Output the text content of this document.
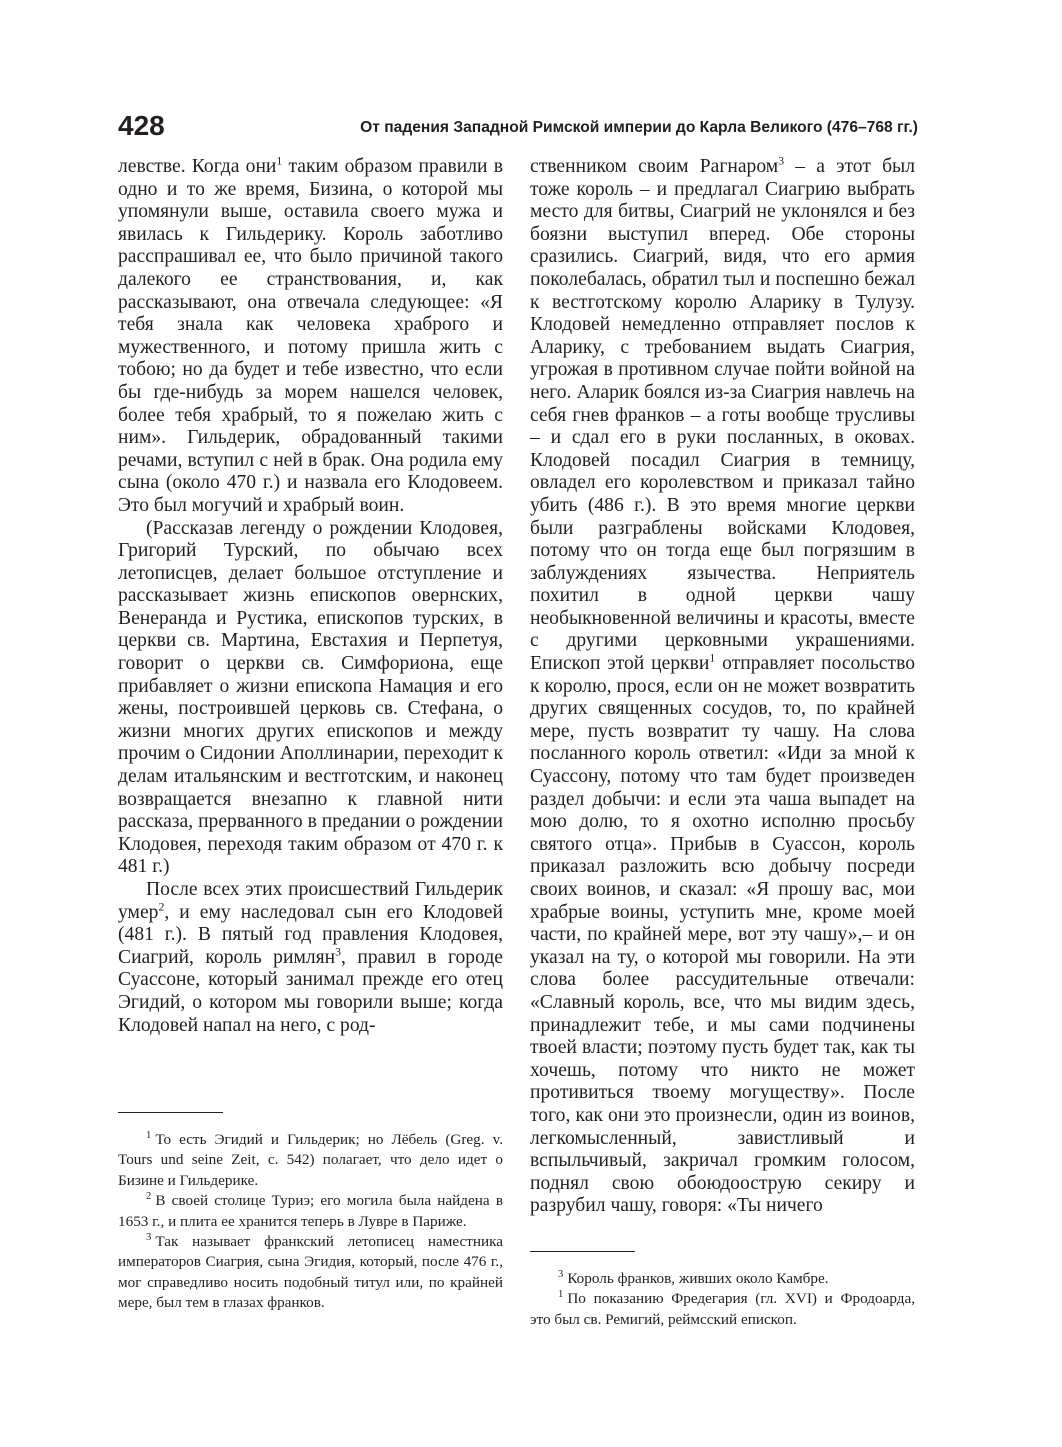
428	От падения Западной Римской империи до Карла Великого (476–768 гг.)

левстве. Когда они$^1$ таким образом правили в одно и то же время, Бизина, о которой мы упомянули выше, оставила своего мужа и явилась к Гильдерику. Король заботливо расспрашивал ее, что было причиной такого далекого ее странствования, и, как рассказывают, она отвечала следующее: «Я тебя знала как человека храброго и мужественного, и потому пришла жить с тобою; но да будет и тебе известно, что если бы где-нибудь за морем нашелся человек, более тебя храбрый, то я пожелаю жить с ним». Гильдерик, обрадованный такими речами, вступил с ней в брак. Она родила ему сына (около 470 г.) и назвала его Клодовеем. Это был могучий и храбрый воин.

(Рассказав легенду о рождении Клодовея, Григорий Турский, по обычаю всех летописцев, делает большое отступление и рассказывает жизнь епископов овернских, Венеранда и Рустика, епископов турских, в церкви св. Мартина, Евстахия и Перпетуя, говорит о церкви св. Симфориона, еще прибавляет о жизни епископа Намация и его жены, построившей церковь св. Стефана, о жизни многих других епископов и между прочим о Сидонии Аполлинарии, переходит к делам итальянским и вестготским, и наконец возвращается внезапно к главной нити рассказа, прерванного в предании о рождении Клодовея, переходя таким образом от 470 г. к 481 г.)

После всех этих происшествий Гильдерик умер$^2$, и ему наследовал сын его Клодовей (481 г.). В пятый год правления Клодовея, Сиагрий, король римлян$^3$, правил в городе Суассоне, который занимал прежде его отец Эгидий, о котором мы говорили выше; когда Клодовей напал на него, с род-

$^1$ То есть Эгидий и Гильдерик; но Лёбель (Greg. v. Tours und seine Zeit, с. 542) полагает, что дело идет о Бизине и Гильдерике.

$^2$ В своей столице Туриэ; его могила была найдена в 1653 г., и плита ее хранится теперь в Лувре в Париже.

$^3$ Так называет франкский летописец наместника императоров Сиагрия, сына Эгидия, который, после 476 г., мог справедливо носить подобный титул или, по крайней мере, был тем в глазах франков.

ственником своим Рагнаром$^3$ – а этот был тоже король – и предлагал Сиагрию выбрать место для битвы, Сиагрий не уклонялся и без боязни выступил вперед. Обе стороны сразились. Сиагрий, видя, что его армия поколебалась, обратил тыл и поспешно бежал к вестготскому королю Аларику в Тулузу. Клодовей немедленно отправляет послов к Аларику, с требованием выдать Сиагрия, угрожая в противном случае пойти войной на него. Аларик боялся из-за Сиагрия навлечь на себя гнев франков – а готы вообще трусливы – и сдал его в руки посланных, в оковах. Клодовей посадил Сиагрия в темницу, овладел его королевством и приказал тайно убить (486 г.). В это время многие церкви были разграблены войсками Клодовея, потому что он тогда еще был погрязшим в заблуждениях язычества. Неприятель похитил в одной церкви чашу необыкновенной величины и красоты, вместе с другими церковными украшениями. Епископ этой церкви$^1$ отправляет посольство к королю, прося, если он не может возвратить других священных сосудов, то, по крайней мере, пусть возвратит ту чашу. На слова посланного король ответил: «Иди за мной к Суассону, потому что там будет произведен раздел добычи: и если эта чаша выпадет на мою долю, то я охотно исполню просьбу святого отца». Прибыв в Суассон, король приказал разложить всю добычу посреди своих воинов, и сказал: «Я прошу вас, мои храбрые воины, уступить мне, кроме моей части, по крайней мере, вот эту чашу»,– и он указал на ту, о которой мы говорили. На эти слова более рассудительные отвечали: «Славный король, все, что мы видим здесь, принадлежит тебе, и мы сами подчинены твоей власти; поэтому пусть будет так, как ты хочешь, потому что никто не может противиться твоему могуществу». После того, как они это произнесли, один из воинов, легкомысленный, завистливый и вспыльчивый, закричал громким голосом, поднял свою обоюдоострую секиру и разрубил чашу, говоря: «Ты ничего

$^3$ Король франков, живших около Камбре.

$^1$ По показанию Фредегария (гл. XVI) и Фродоарда, это был св. Ремигий, реймсский епископ.
